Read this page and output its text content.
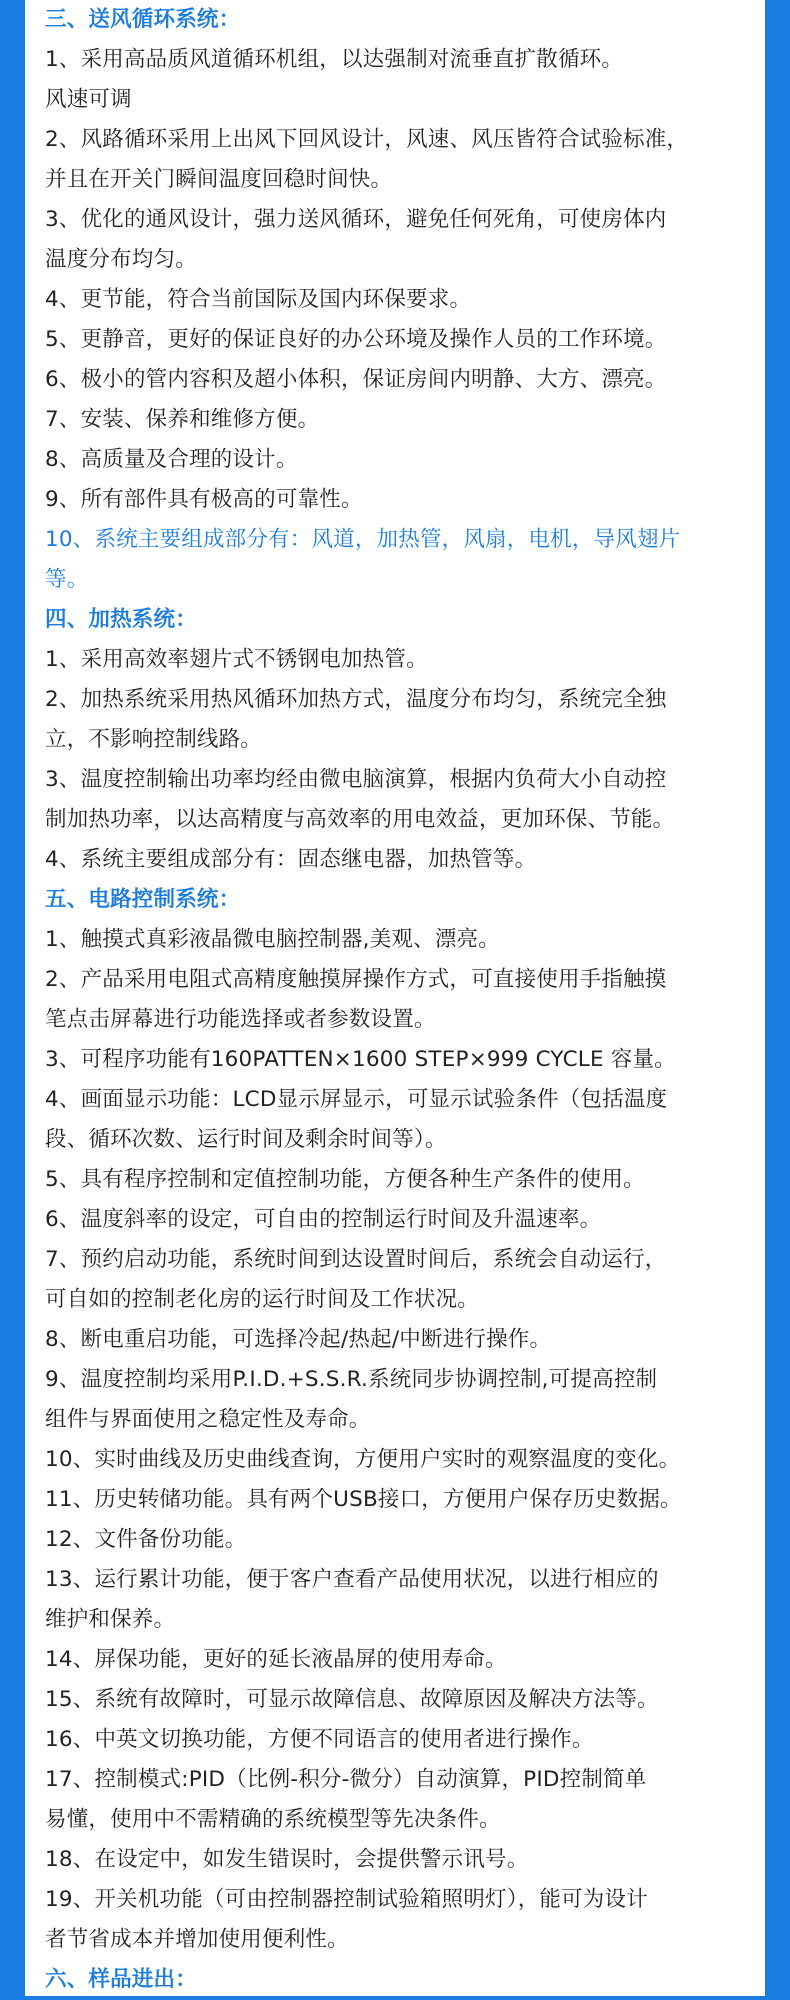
三、送风循环系统：

1、采用高品质风道循环机组，以达强制对流垂直扩散循环。

风速可调

2、风路循环采用上出风下回风设计，风速、风压皆符合试验标准，

并且在开关门瞬间温度回稳时间快。

3、优化的通风设计，强力送风循环，避免任何死角，可使房体内

温度分布均匀。

4、更节能，符合当前国际及国内环保要求。

5、更静音，更好的保证良好的办公环境及操作人员的工作环境。

6、极小的管内容积及超小体积，保证房间内明静、大方、漂亮。

7、安装、保养和维修方便。

8、高质量及合理的设计。

9、所有部件具有极高的可靠性。

10、系统主要组成部分有：风道，加热管，风扇，电机，导风翅片

等。

四、加热系统：

1、采用高效率翅片式不锈钢电加热管。

2、加热系统采用热风循环加热方式，温度分布均匀，系统完全独

立，不影响控制线路。

3、温度控制输出功率均经由微电脑演算，根据内负荷大小自动控

制加热功率，以达高精度与高效率的用电效益，更加环保、节能。

4、系统主要组成部分有：固态继电器，加热管等。

五、电路控制系统：

1、触摸式真彩液晶微电脑控制器,美观、漂亮。

2、产品采用电阻式高精度触摸屏操作方式，可直接使用手指触摸

笔点击屏幕进行功能选择或者参数设置。

3、可程序功能有160PATTEN×1600 STEP×999 CYCLE 容量。

4、画面显示功能：LCD显示屏显示，可显示试验条件（包括温度

段、循环次数、运行时间及剩余时间等）。

5、具有程序控制和定值控制功能，方便各种生产条件的使用。

6、温度斜率的设定，可自由的控制运行时间及升温速率。

7、预约启动功能，系统时间到达设置时间后，系统会自动运行，

可自如的控制老化房的运行时间及工作状况。

8、断电重启功能，可选择冷起/热起/中断进行操作。

9、温度控制均采用P.I.D.+S.S.R.系统同步协调控制,可提高控制

组件与界面使用之稳定性及寿命。

10、实时曲线及历史曲线查询，方便用户实时的观察温度的变化。

11、历史转储功能。具有两个USB接口，方便用户保存历史数据。

12、文件备份功能。

13、运行累计功能，便于客户查看产品使用状况，以进行相应的

维护和保养。

14、屏保功能，更好的延长液晶屏的使用寿命。

15、系统有故障时，可显示故障信息、故障原因及解决方法等。

16、中英文切换功能，方便不同语言的使用者进行操作。

17、控制模式:PID（比例-积分-微分）自动演算，PID控制简单

易懂，使用中不需精确的系统模型等先决条件。

18、在设定中，如发生错误时，会提供警示讯号。

19、开关机功能（可由控制器控制试验箱照明灯），能可为设计

者节省成本并增加使用便利性。

六、样品进出：
